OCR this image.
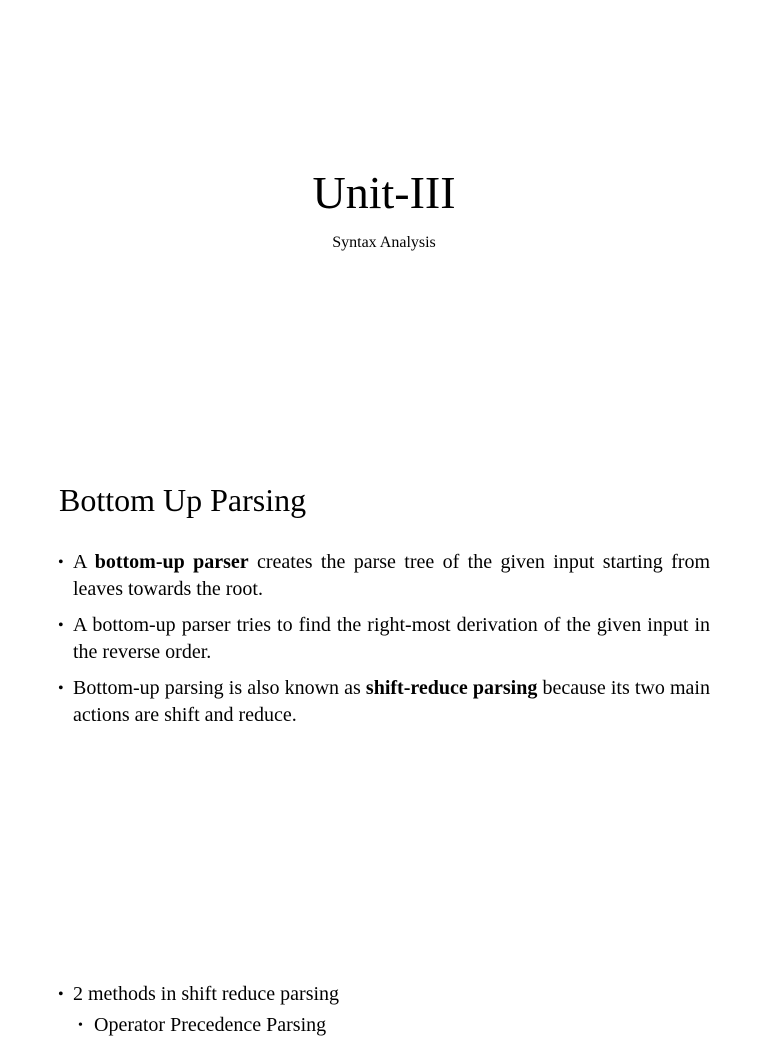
Unit-III
Syntax Analysis
Bottom Up Parsing
• A bottom-up parser creates the parse tree of the given input starting from leaves towards the root.
• A bottom-up parser tries to find the right-most derivation of the given input in the reverse order.
• Bottom-up parsing is also known as shift-reduce parsing because its two main actions are shift and reduce.
• 2 methods in shift reduce parsing
• Operator Precedence Parsing
